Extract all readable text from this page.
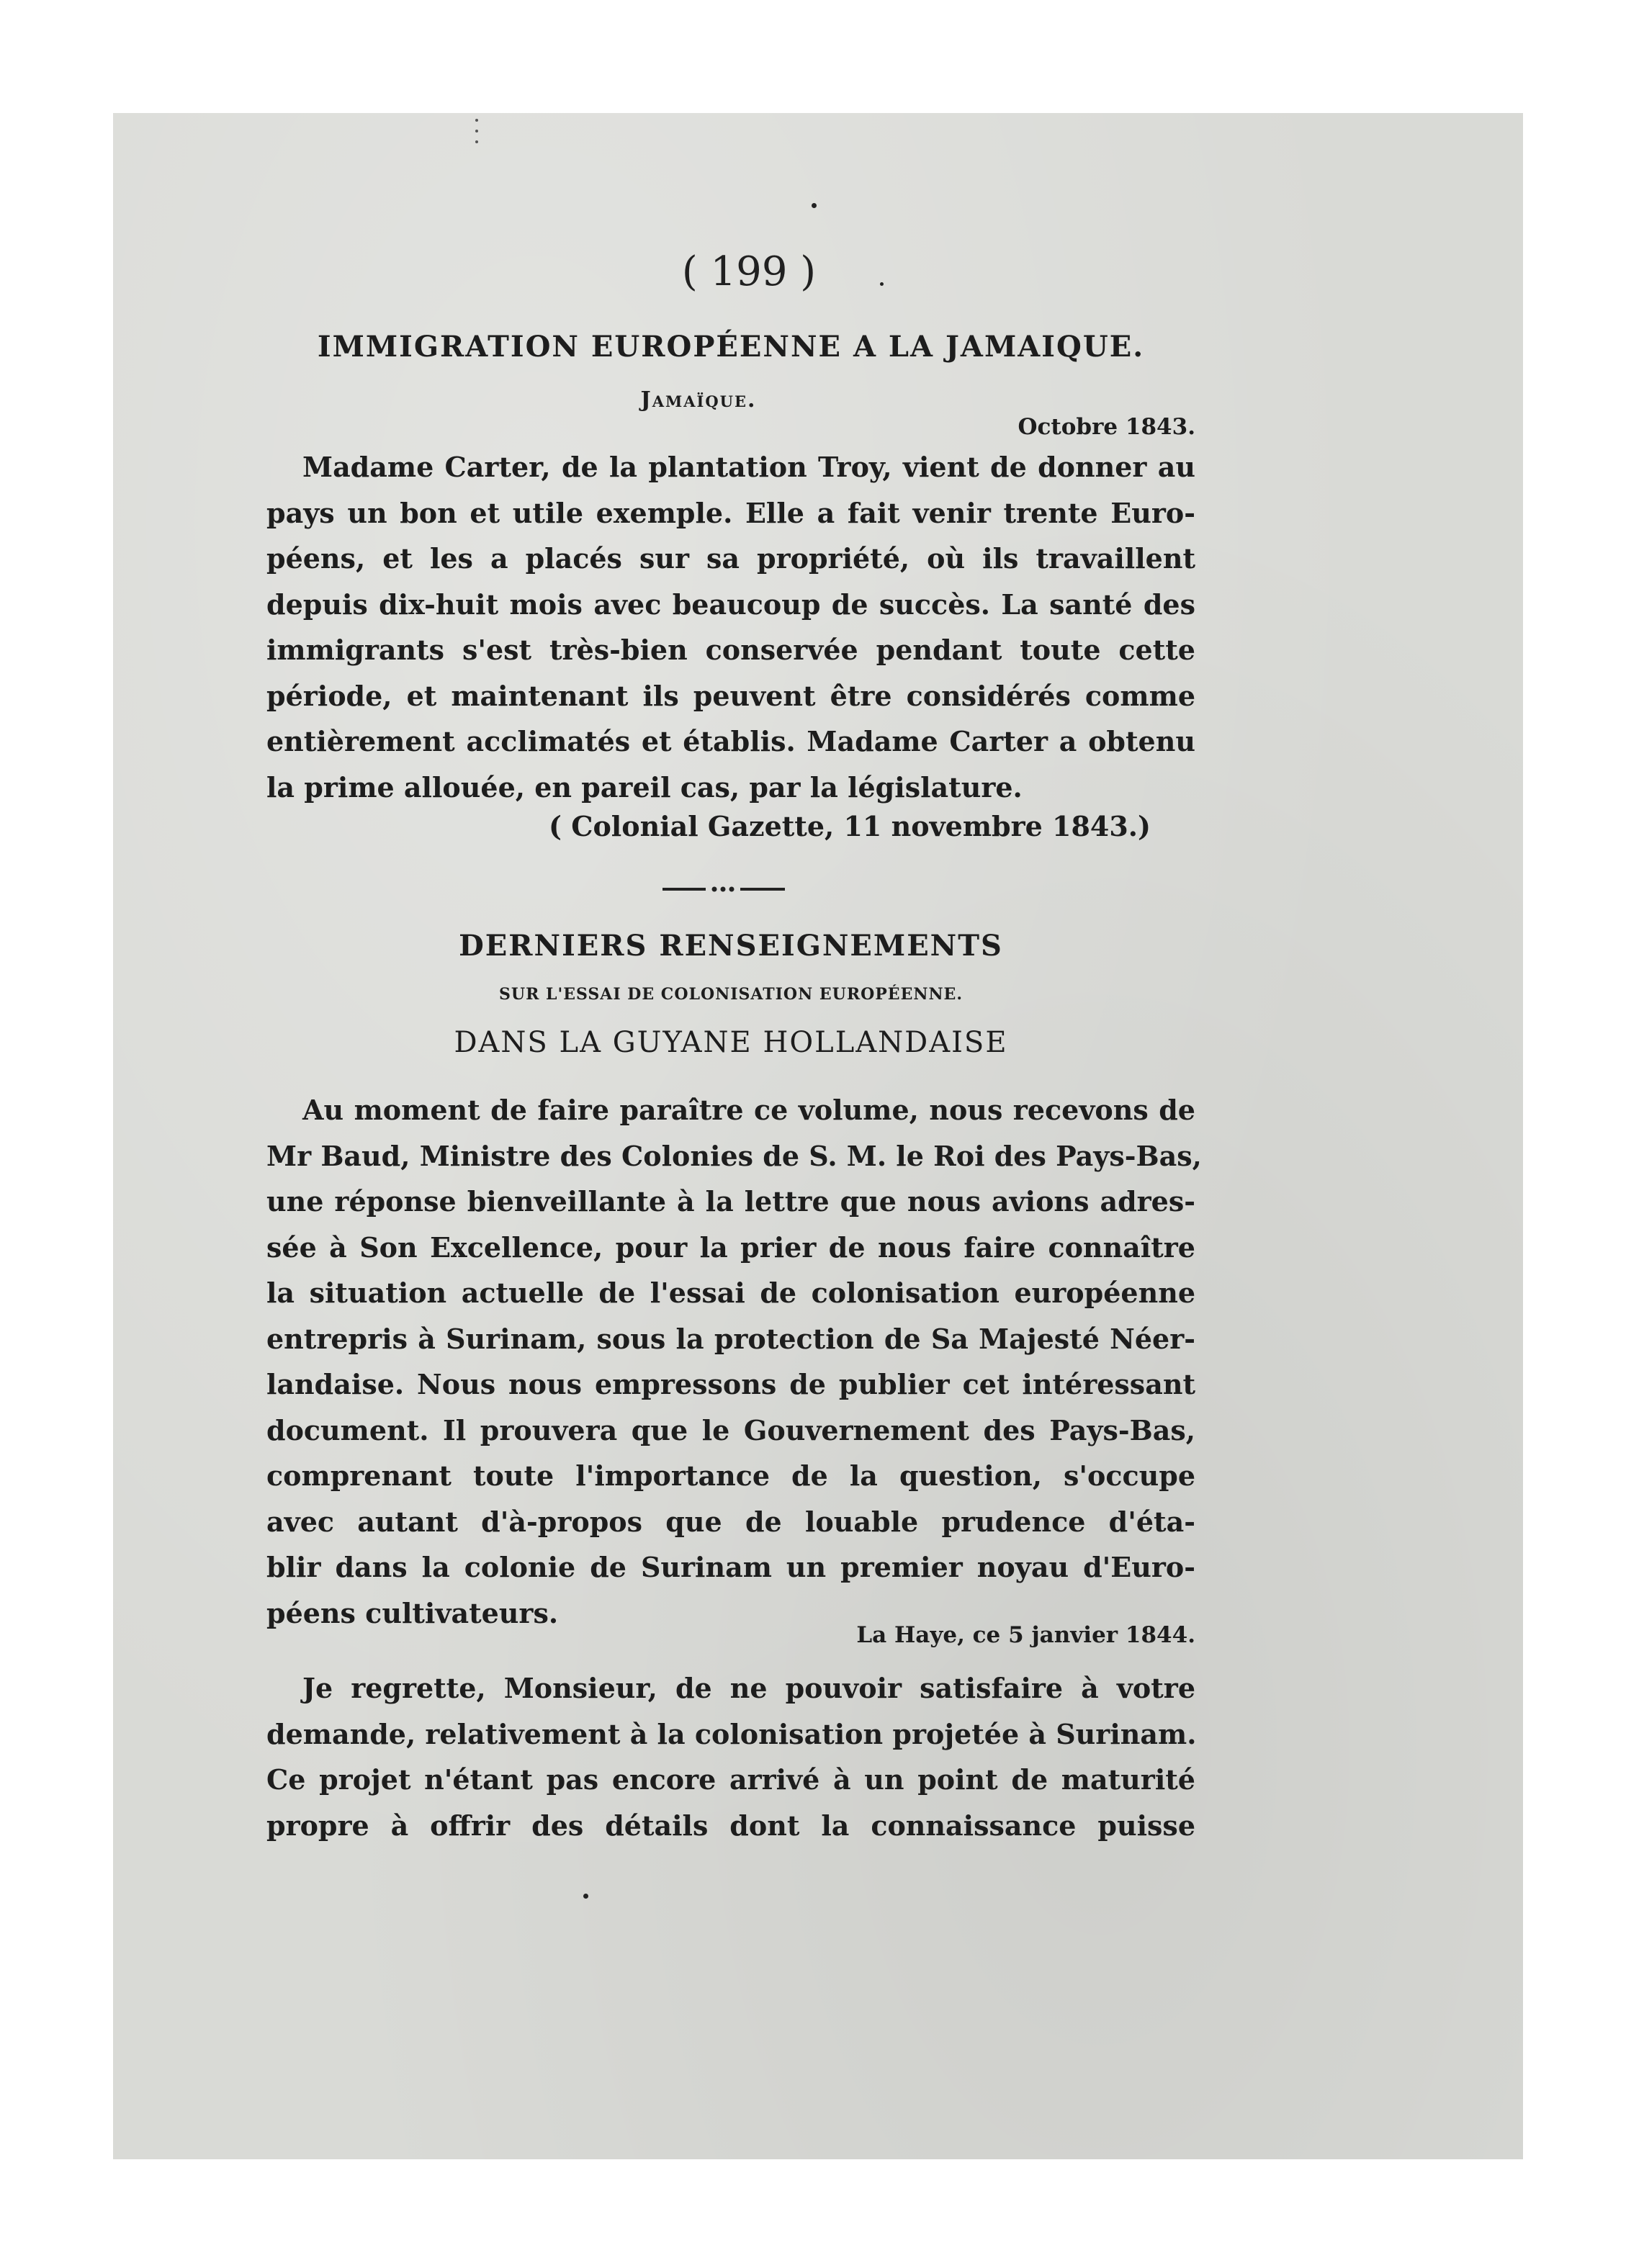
( 199 )
IMMIGRATION EUROPÉENNE A LA JAMAIQUE.
Jamaïque.
Octobre 1843.
Madame Carter, de la plantation Troy, vient de donner au
pays un bon et utile exemple. Elle a fait venir trente Euro-
péens, et les a placés sur sa propriété, où ils travaillent
depuis dix-huit mois avec beaucoup de succès. La santé des
immigrants s'est très-bien conservée pendant toute cette
période, et maintenant ils peuvent être considérés comme
entièrement acclimatés et établis. Madame Carter a obtenu
la prime allouée, en pareil cas, par la législature.
( Colonial Gazette, 11 novembre 1843.)
DERNIERS RENSEIGNEMENTS
SUR L'ESSAI DE COLONISATION EUROPÉENNE.
DANS LA GUYANE HOLLANDAISE
Au moment de faire paraître ce volume, nous recevons de
Mr Baud, Ministre des Colonies de S. M. le Roi des Pays-Bas,
une réponse bienveillante à la lettre que nous avions adres-
sée à Son Excellence, pour la prier de nous faire connaître
la situation actuelle de l'essai de colonisation européenne
entrepris à Surinam, sous la protection de Sa Majesté Néer-
landaise. Nous nous empressons de publier cet intéressant
document. Il prouvera que le Gouvernement des Pays-Bas,
comprenant toute l'importance de la question, s'occupe
avec autant d'à-propos que de louable prudence d'éta-
blir dans la colonie de Surinam un premier noyau d'Euro-
péens cultivateurs.
La Haye, ce 5 janvier 1844.
Je regrette, Monsieur, de ne pouvoir satisfaire à votre
demande, relativement à la colonisation projetée à Surinam.
Ce projet n'étant pas encore arrivé à un point de maturité
propre à offrir des détails dont la connaissance puisse
